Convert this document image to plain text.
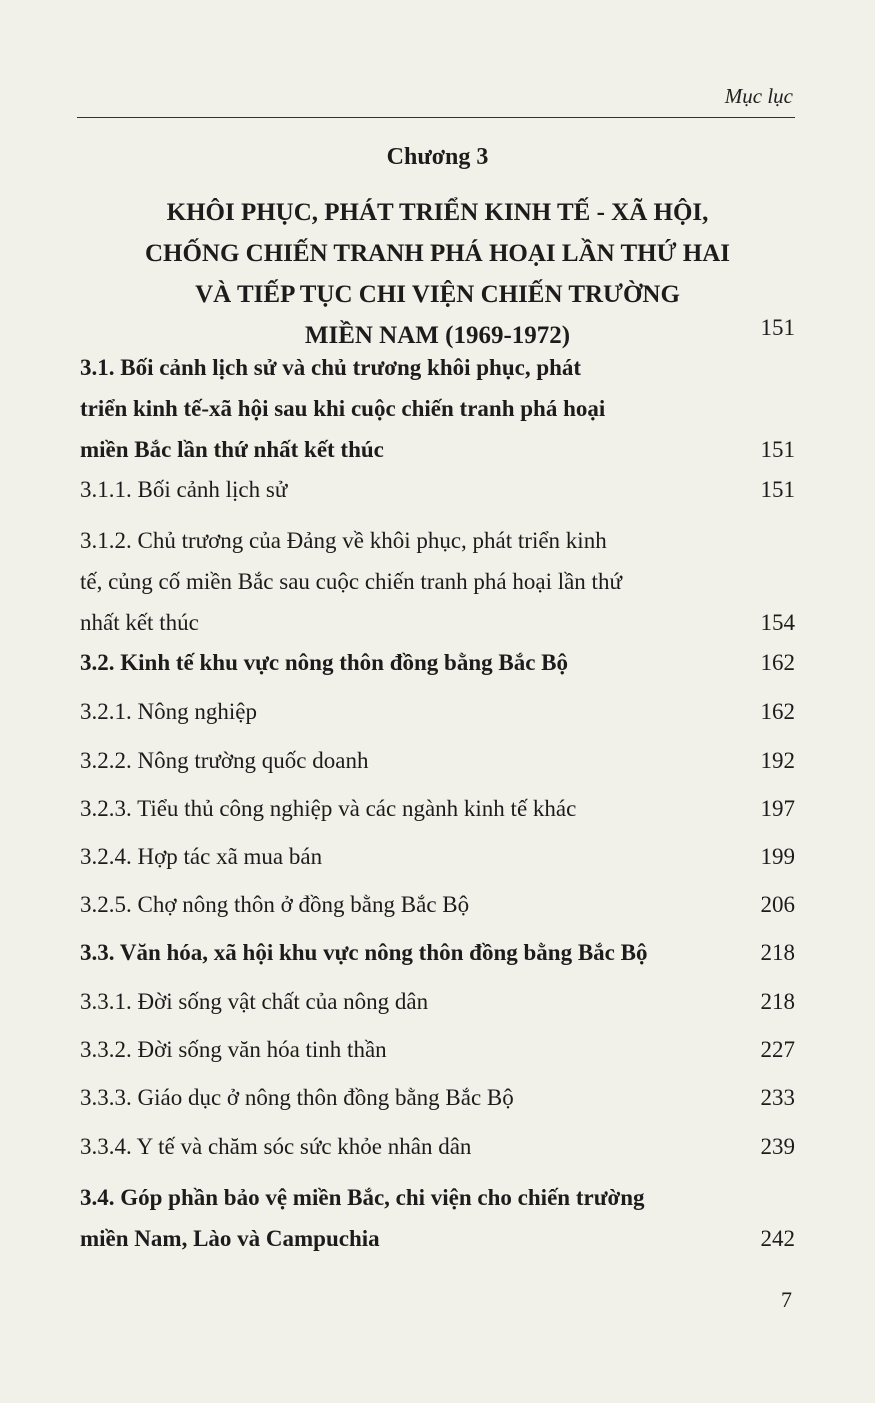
Mục lục
Chương 3
KHÔI PHỤC, PHÁT TRIỂN KINH TẾ - XÃ HỘI,
CHỐNG CHIẾN TRANH PHÁ HOẠI LẦN THỨ HAI
VÀ TIẾP TỤC CHI VIỆN CHIẾN TRƯỜNG
MIỀN NAM (1969-1972)	151
3.1. Bối cảnh lịch sử và chủ trương khôi phục, phát
triển kinh tế-xã hội sau khi cuộc chiến tranh phá hoại
miền Bắc lần thứ nhất kết thúc	151
3.1.1. Bối cảnh lịch sử	151
3.1.2. Chủ trương của Đảng về khôi phục, phát triển kinh
tế, củng cố miền Bắc sau cuộc chiến tranh phá hoại lần thứ
nhất kết thúc	154
3.2. Kinh tế khu vực nông thôn đồng bằng Bắc Bộ	162
3.2.1. Nông nghiệp	162
3.2.2. Nông trường quốc doanh	192
3.2.3. Tiểu thủ công nghiệp và các ngành kinh tế khác	197
3.2.4. Hợp tác xã mua bán	199
3.2.5. Chợ nông thôn ở đồng bằng Bắc Bộ	206
3.3. Văn hóa, xã hội khu vực nông thôn đồng bằng Bắc Bộ	218
3.3.1. Đời sống vật chất của nông dân	218
3.3.2. Đời sống văn hóa tinh thần	227
3.3.3. Giáo dục ở nông thôn đồng bằng Bắc Bộ	233
3.3.4. Y tế và chăm sóc sức khỏe nhân dân	239
3.4. Góp phần bảo vệ miền Bắc, chi viện cho chiến trường
miền Nam, Lào và Campuchia	242
7
